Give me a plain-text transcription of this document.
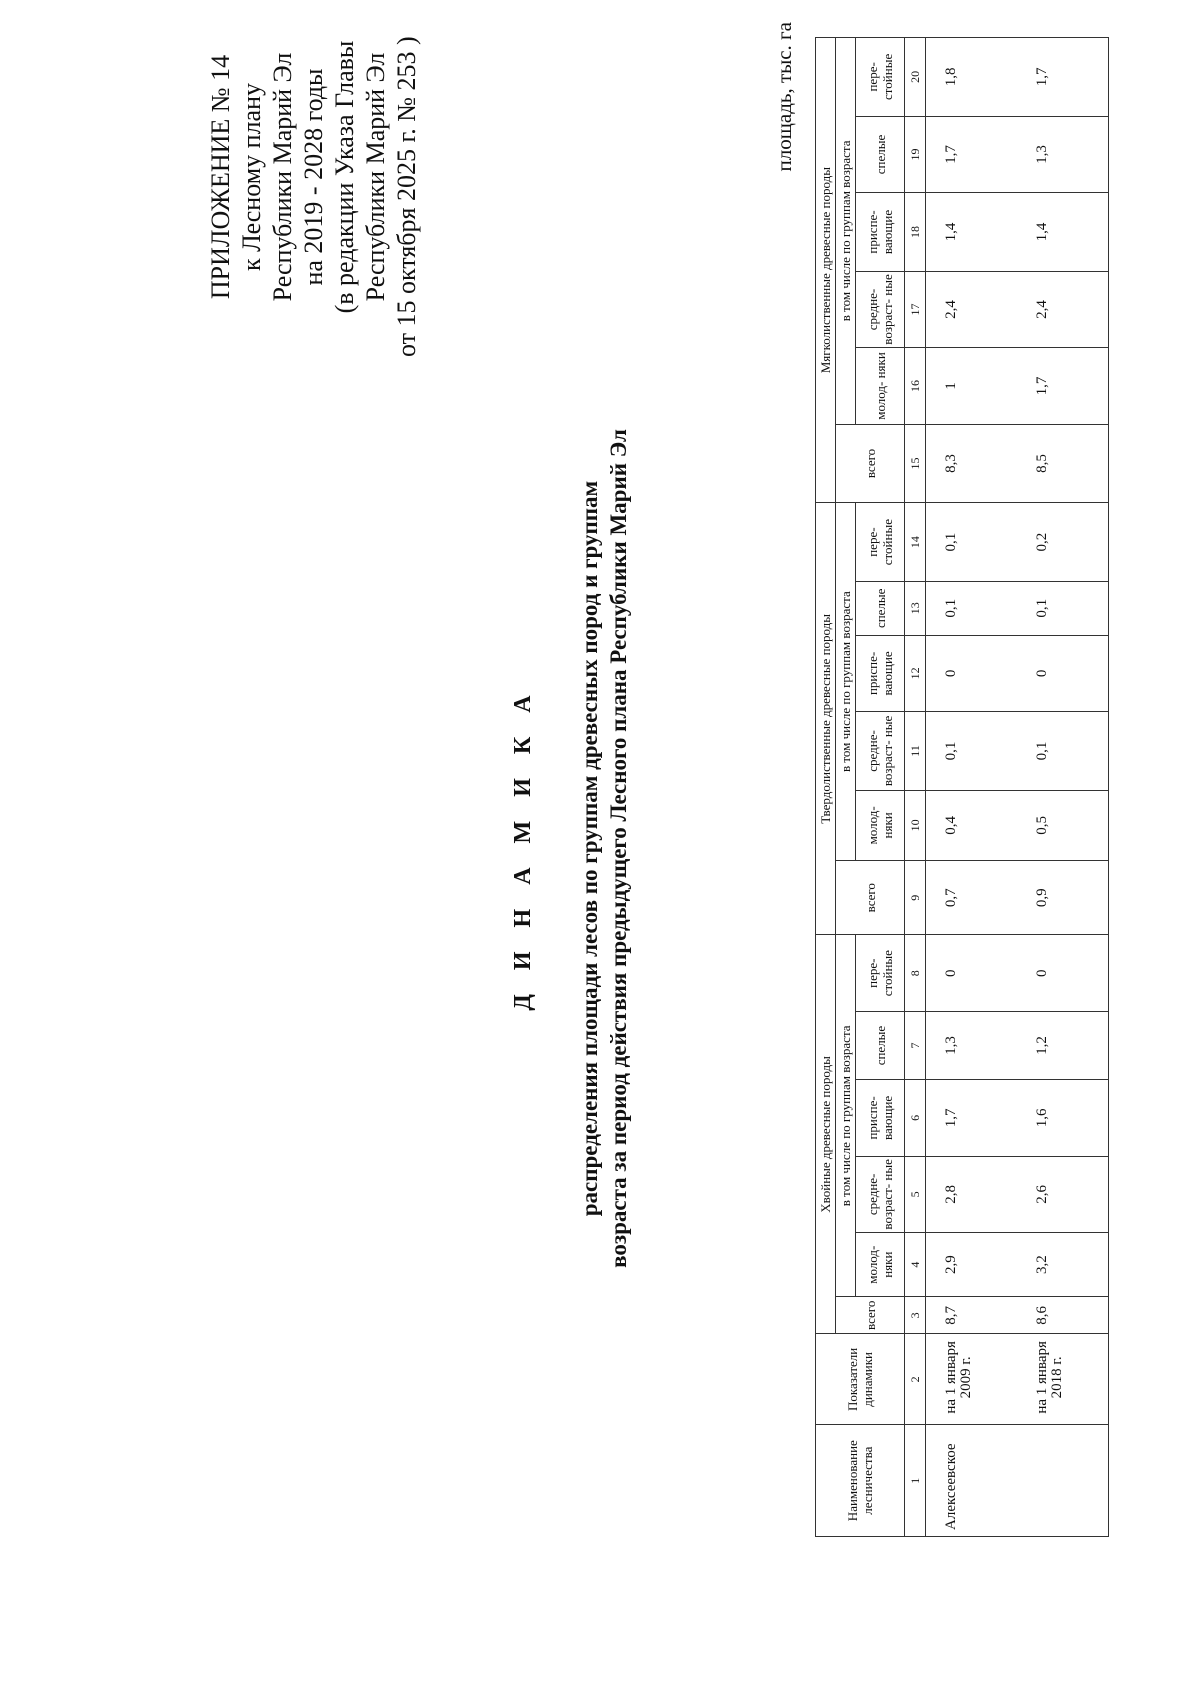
ПРИЛОЖЕНИЕ № 14 к Лесному плану Республики Марий Эл на 2019 - 2028 годы (в редакции Указа Главы Республики Марий Эл от 15 октября 2025 г. № 253 )
Д И Н А М И К А распределения площади лесов по группам древесных пород и группам возраста за период действия предыдущего Лесного плана Республики Марий Эл
площадь, тыс. га
Наименование лесничества	Показатели динамики	Хвойные древесные породы						Твердолиственные древесные породы						Мягколиственные древесные породы					
		всего	в том числе по группам возраста					всего	в том числе по группам возраста					всего	в том числе по группам возраста				
			молод- няки	средне- возраст- ные	приспе- вающие	спелые	пере- стойные		молод- няки	средне- возраст- ные	приспе- вающие	спелые	пере- стойные		молод- няки	средне- возраст- ные	приспе- вающие	спелые	пере- стойные
1	2	3	4	5	6	7	8	9	10	11	12	13	14	15	16	17	18	19	20
Алексеевское	на 1 января 2009 г.	8,7	2,9	2,8	1,7	1,3	0	0,7	0,4	0,1	0	0,1	0,1	8,3	1	2,4	1,4	1,7	1,8
	на 1 января 2018 г.	8,6	3,2	2,6	1,6	1,2	0	0,9	0,5	0,1	0	0,1	0,2	8,5	1,7	2,4	1,4	1,3	1,7
